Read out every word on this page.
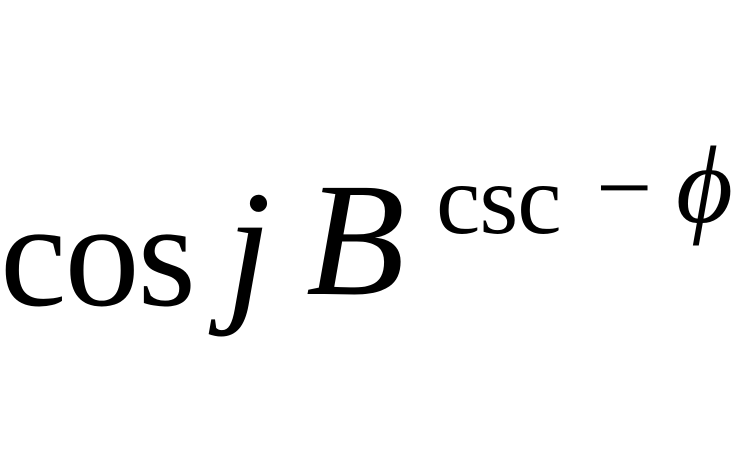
cos j B csc − ϕ
